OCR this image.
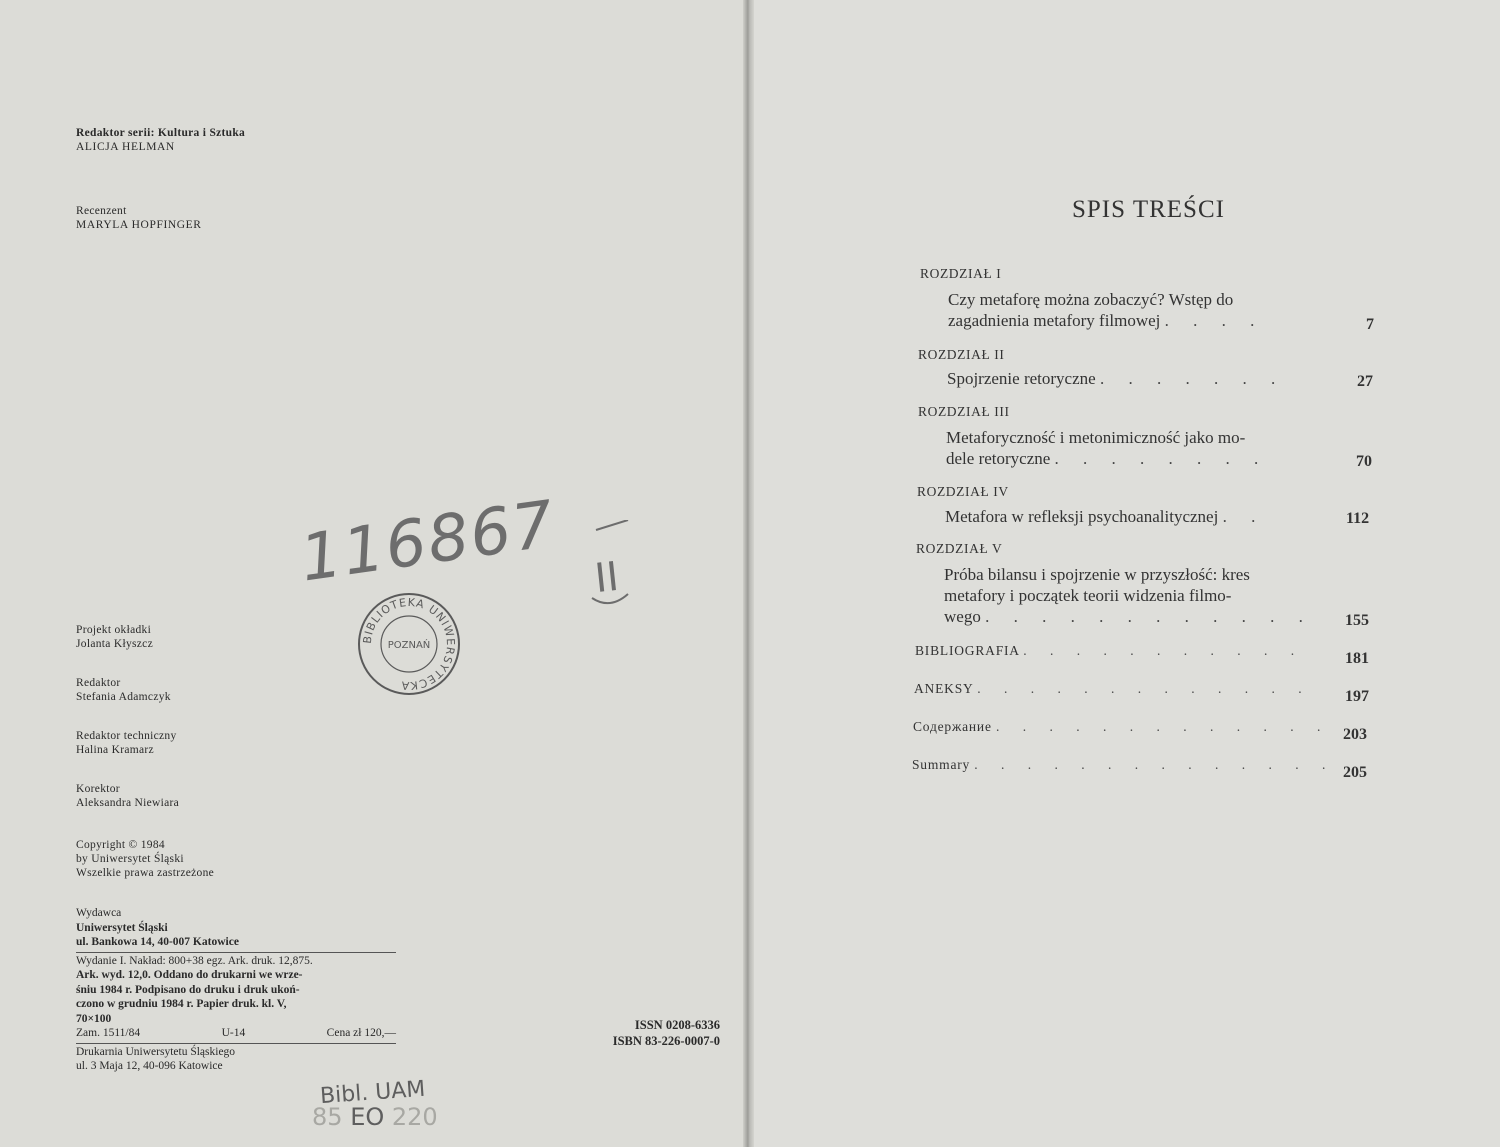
Redaktor serii: Kultura i Sztuka
ALICJA HELMAN
Recenzent
MARYLA HOPFINGER
116867 II
BIBLIOTEKA UNIWERSYTECKA
POZNAŃ
Projekt okładki
Jolanta Kłyszcz
Redaktor
Stefania Adamczyk
Redaktor techniczny
Halina Kramarz
Korektor
Aleksandra Niewiara
Copyright © 1984
by Uniwersytet Śląski
Wszelkie prawa zastrzeżone
Wydawca
Uniwersytet Śląski
ul. Bankowa 14, 40-007 Katowice
Wydanie I. Nakład: 800+38 egz. Ark. druk. 12,875.
Ark. wyd. 12,0. Oddano do drukarni we wrze-
śniu 1984 r. Podpisano do druku i druk ukoń-
czono w grudniu 1984 r. Papier druk. kl. V,
70×100
Zam. 1511/84	U-14	Cena zł 120,—
Drukarnia Uniwersytetu Śląskiego
ul. 3 Maja 12, 40-096 Katowice
ISSN 0208-6336
ISBN 83-226-0007-0
Bibl. UAM
85 EO 220
SPIS TREŚCI
ROZDZIAŁ I
Czy metaforę można zobaczyć? Wstęp do
zagadnienia metafory filmowej . . . .	7
ROZDZIAŁ II
Spojrzenie retoryczne . . . . . . .	27
ROZDZIAŁ III
Metaforyczność i metonimiczność jako mo-
dele retoryczne . . . . . . . .	70
ROZDZIAŁ IV
Metafora w refleksji psychoanalitycznej . .	112
ROZDZIAŁ V
Próba bilansu i spojrzenie w przyszłość: kres
metafory i początek teorii widzenia filmo-
wego . . . . . . . . . . . . 155
BIBLIOGRAFIA . . . . . . . . . . .	181
ANEKSY . . . . . . . . . . . . . 197
Содержание . . . . . . . . . . . . . 203
Summary . . . . . . . . . . . . . . 205
